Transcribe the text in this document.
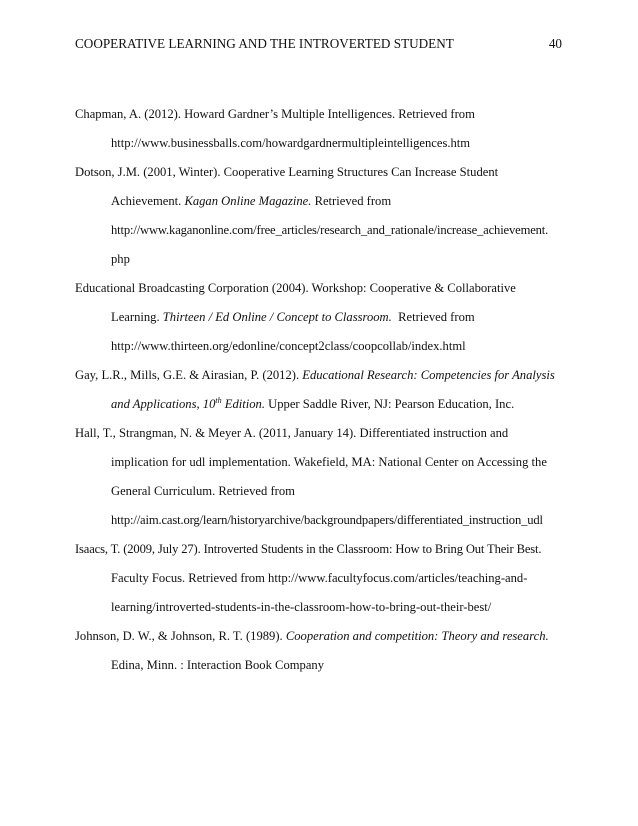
COOPERATIVE LEARNING AND THE INTROVERTED STUDENT	40
Chapman, A. (2012). Howard Gardner’s Multiple Intelligences. Retrieved from
http://www.businessballs.com/howardgardnermultipleintelligences.htm
Dotson, J.M. (2001, Winter). Cooperative Learning Structures Can Increase Student
Achievement. Kagan Online Magazine. Retrieved from
http://www.kaganonline.com/free_articles/research_and_rationale/increase_achievement.
php
Educational Broadcasting Corporation (2004). Workshop: Cooperative & Collaborative
Learning. Thirteen / Ed Online / Concept to Classroom.  Retrieved from
http://www.thirteen.org/edonline/concept2class/coopcollab/index.html
Gay, L.R., Mills, G.E. & Airasian, P. (2012). Educational Research: Competencies for Analysis
and Applications, 10th Edition. Upper Saddle River, NJ: Pearson Education, Inc.
Hall, T., Strangman, N. & Meyer A. (2011, January 14). Differentiated instruction and
implication for udl implementation. Wakefield, MA: National Center on Accessing the
General Curriculum. Retrieved from
http://aim.cast.org/learn/historyarchive/backgroundpapers/differentiated_instruction_udl
Isaacs, T. (2009, July 27). Introverted Students in the Classroom: How to Bring Out Their Best.
Faculty Focus. Retrieved from http://www.facultyfocus.com/articles/teaching-and-
learning/introverted-students-in-the-classroom-how-to-bring-out-their-best/
Johnson, D. W., & Johnson, R. T. (1989). Cooperation and competition: Theory and research.
Edina, Minn. : Interaction Book Company
